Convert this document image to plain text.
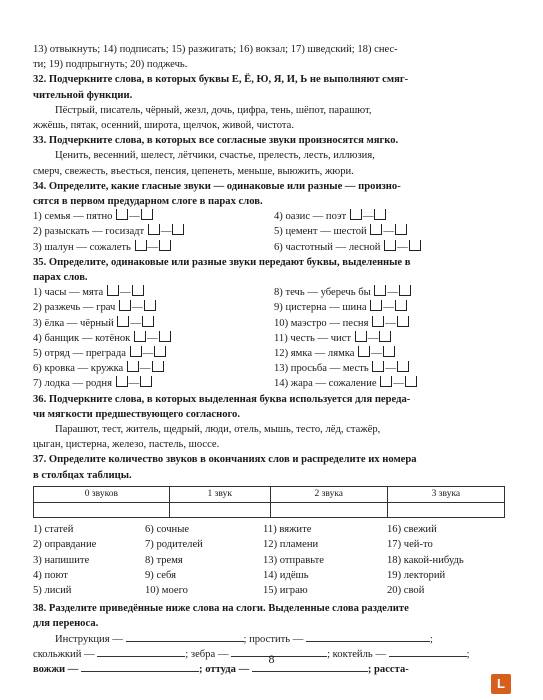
13) отвыкнуть; 14) подписать; 15) разжигать; 16) вокзал; 17) шведский; 18) снес-
ти; 19) подпрыгнуть; 20) поджечь.
32. Подчеркните слова, в которых буквы Е, Ё, Ю, Я, И, Ь не выполняют смяг-
чительной функции.
Пёстрый, писатель, чёрный, жезл, дочь, цифра, тень, шёпот, парашют,
жжёшь, пятак, осенний, широта, щелчок, живой, чистота.
33. Подчеркните слова, в которых все согласные звуки произносятся мягко.
Ценить, весенний, шелест, лётчики, счастье, прелесть, лесть, иллюзия,
смерч, свежесть, въесться, пенсия, цепенеть, меньше, выюжить, жюри.
34. Определите, какие гласные звуки — одинаковые или разные — произно-
сятся в первом предударном слоге в парах слов.
1) семья — пятно —	4) оазис — поэт —
2) разыскать — госизадт —	5) цемент — шестой —
3) шалун — сожалеть —	6) частотный — лесной —
35. Определите, одинаковые или разные звуки передают буквы, выделенные в
парах слов.
1) часы — мята —	8) течь — уберечь бы —
2) разжечь — грач —	9) цистерна — шина —
3) ёлка — чёрный —	10) маэстро — песня —
4) банщик — котёнок —	11) честь — чист —
5) отряд — преграда —	12) ямка — лямка —
6) кровка — кружка —	13) просьба — месть —
7) лодка — родня —	14) жара — сожаление —
36. Подчеркните слова, в которых выделенная буква используется для переда-
чи мягкости предшествующего согласного.
Парашют, тест, житель, щедрый, люди, отель, мышь, тесто, лёд, стажёр,
цыган, цистерна, железо, пастель, шоссе.
37. Определите количество звуков в окончаниях слов и распределите их номера
в столбцах таблицы.
0 звуков	1 звук	2 звука	3 звука

1) статей	6) сочные	11) вяжите	16) свежий
2) оправдание	7) родителей	12) пламени	17) чей-то
3) напишите	8) тремя	13) отправьте	18) какой-нибудь
4) поют	9) себя	14) идёшь	19) лекторий
5) лисий	10) моего	15) играю	20) свой
38. Разделите приведённые ниже слова на слоги. Выделенные слова разделите
для переноса.
Инструкция —	; простить —	;
скольжкий —	; зебра —	; коктейль —	;
вожжи —	; оттуда —	; расста-
8
L
